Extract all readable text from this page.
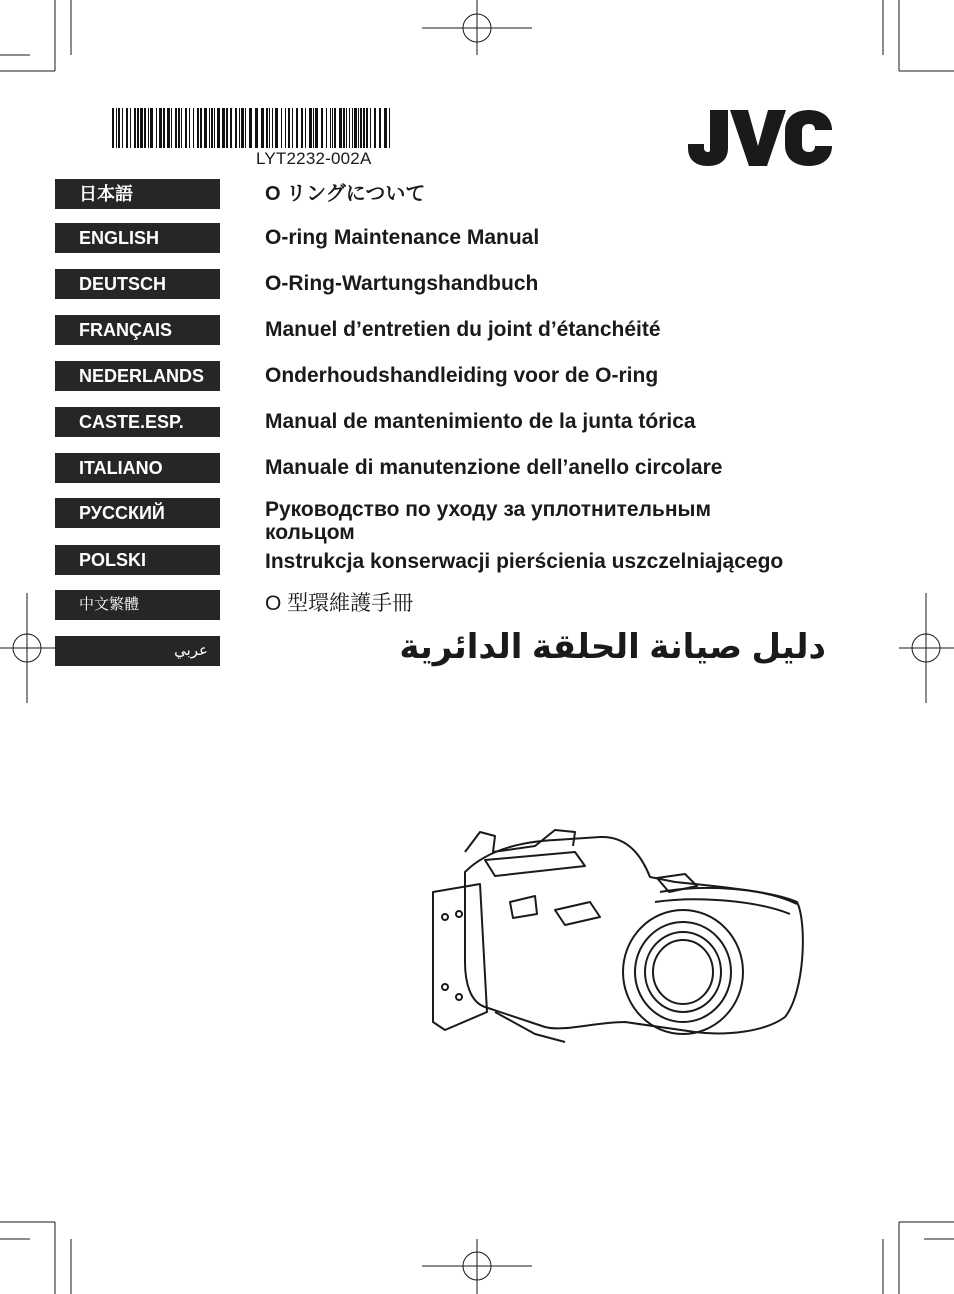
LYT2232-002A
日本語
ENGLISH
DEUTSCH
FRANÇAIS
NEDERLANDS
CASTE.ESP.
ITALIANO
РУССКИЙ
POLSKI
中文繁體
عربي
O リングについて
O-ring Maintenance Manual
O-Ring-Wartungshandbuch
Manuel d’entretien du joint d’étanchéité
Onderhoudshandleiding voor de O-ring
Manual de mantenimiento de la junta tórica
Manuale di manutenzione dell’anello circolare
Руководство по уходу за уплотнительным
кольцом
Instrukcja konserwacji pierścienia uszczelniającego
O 型環維護手冊
دليل صيانة الحلقة الدائرية
